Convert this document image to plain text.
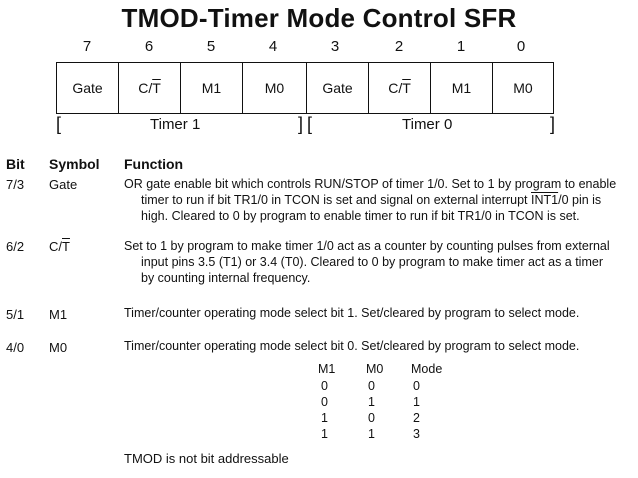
TMOD-Timer Mode Control SFR
7	6	5	4	3	2	1	0
Gate	$C/\overline{T}$	M1	M0	Gate	$C/\overline{T}$	M1	M0
[	Timer 1	] [	Timer 0	]
Bit Symbol Function
7/3 Gate	OR gate enable bit which controls RUN/STOP of timer 1/0. Set to 1 by program to enable
timer to run if bit TR1/0 in TCON is set and signal on external interrupt INT1/0 pin is
high. Cleared to 0 by program to enable timer to run if bit TR1/0 in TCON is set.
6/2 $C/\overline{T}$	Set to 1 by program to make timer 1/0 act as a counter by counting pulses from external
input pins 3.5 (T1) or 3.4 (T0). Cleared to 0 by program to make timer act as a timer
by counting internal frequency.
5/1 M1	Timer/counter operating mode select bit 1. Set/cleared by program to select mode.
4/0 M0	Timer/counter operating mode select bit 0. Set/cleared by program to select mode.
M1 M0 Mode
0	0	0
0	1	1
1	0	2
1	1	3
TMOD is not bit addressable
